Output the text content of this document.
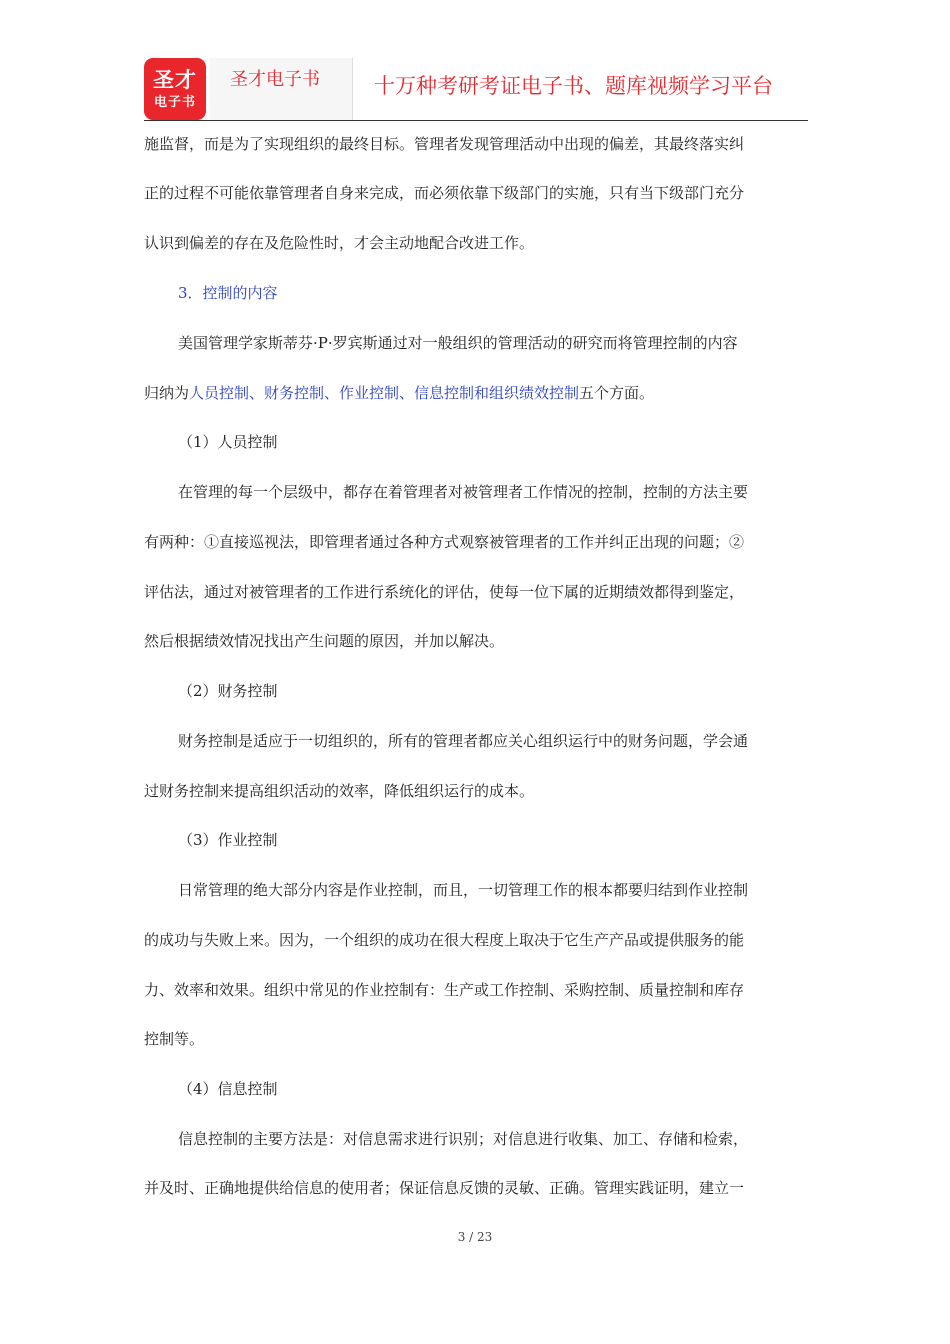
圣才
电子书
圣才电子书	十万种考研考证电子书、题库视频学习平台
施监督，而是为了实现组织的最终目标。管理者发现管理活动中出现的偏差，其最终落实纠
正的过程不可能依靠管理者自身来完成，而必须依靠下级部门的实施，只有当下级部门充分
认识到偏差的存在及危险性时，才会主动地配合改进工作。
3．控制的内容
美国管理学家斯蒂芬·P·罗宾斯通过对一般组织的管理活动的研究而将管理控制的内容
归纳为人员控制、财务控制、作业控制、信息控制和组织绩效控制五个方面。
（1）人员控制
在管理的每一个层级中，都存在着管理者对被管理者工作情况的控制，控制的方法主要
有两种：①直接巡视法，即管理者通过各种方式观察被管理者的工作并纠正出现的问题；②
评估法，通过对被管理者的工作进行系统化的评估，使每一位下属的近期绩效都得到鉴定，
然后根据绩效情况找出产生问题的原因，并加以解决。
（2）财务控制
财务控制是适应于一切组织的，所有的管理者都应关心组织运行中的财务问题，学会通
过财务控制来提高组织活动的效率，降低组织运行的成本。
（3）作业控制
日常管理的绝大部分内容是作业控制，而且，一切管理工作的根本都要归结到作业控制
的成功与失败上来。因为，一个组织的成功在很大程度上取决于它生产产品或提供服务的能
力、效率和效果。组织中常见的作业控制有：生产或工作控制、采购控制、质量控制和库存
控制等。
（4）信息控制
信息控制的主要方法是：对信息需求进行识别；对信息进行收集、加工、存储和检索，
并及时、正确地提供给信息的使用者；保证信息反馈的灵敏、正确。管理实践证明，建立一
3 / 23
